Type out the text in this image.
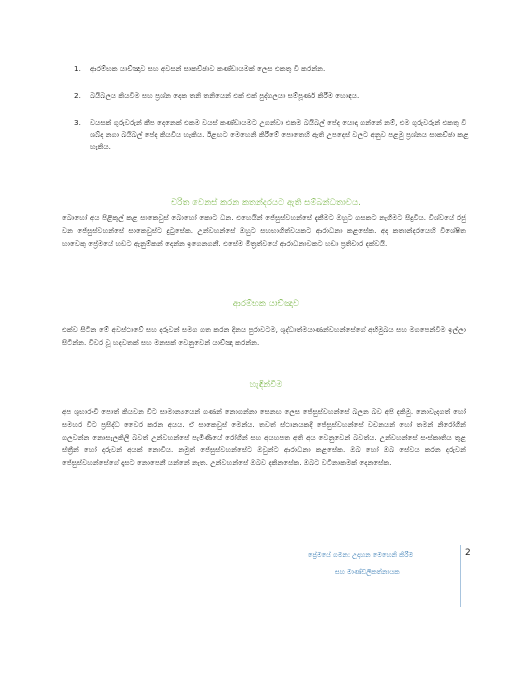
1.	ආරම්භක යාච්ඤාව සහ අවසන් සාකච්ඡාව කණ්ඩායමක් ලෙස එකතු වී කරන්න.
2.	බයිබලය කියවීම සහ ප්‍රශ්න දෙක තනි තනියෙන් එක් එක් පුද්ගලයා සම්පූර්ණ කිරීම හොඳය.
3.	වයසක් ගුරුවරුන් කීප දෙනෙක් එකම වයස් කණ්ඩායමට උගන්වා එකම බයිබල් පේද යොදා ගන්නේ නම්, එම ගුරුවරුන් එකතු වී ශබ්ද නගා බයිබල් පේද කියවිය හැකිය. ඊළඟට මෙහෙනි කිරීමේ පොතෙහි ඇති උපදෙස් වලට අනුව පළමු ප්‍රශ්නය සාකච්ඡා කළ හැකිය.
චරිත වෙනස් කරන කතන්දරයට ඇති සම්බන්ධතාවය.
බොහෝ අය පිළිකුල් කළ සාකෙවුස් බොහෝ කොට ධන. එහෙයින් ජේසුස්වහන්සේ දැකීමට ඔහුට ගසකට නැගීමට සිදුවිය. විශ්වයේ රජු වන ජේසුස්වහන්සේ සාකෙවුස්ට දුටුසේක. උන්වහන්සේ ඔහුට සහභාගිත්වයකට ආරාධනා කළසේක. අද කතාන්දරයෙහි විශේෂිත හාවෙකු ප්‍රේමයේ හඩට ඇනුම්කන් දෙන්න ඉගෙනගනී. එසේම මිත්‍රත්වයේ ආරාධනාවකට හඩා ප්‍රතිචාර දක්වයි.
ආරම්භක යාච්ඤාව
එක්ව සිටින මේ අවස්ථාවේ සහ දරුවන් සමග ගත කරන දිනය පුරාවටම, ශුද්ධාත්මයාණන්වහන්සේගේ අභිමුඛය සහ මගපෙන්වීම ඉල්ලා සිටින්න. විවර වූ හදවතක් සහ මනසක් වෙනුවෙන් යාච්ඤා කරන්න.
හැඳින්වීම
අප ශුභාරංචි පොත් කියවන විට සාමාන්‍යයෙන් ගණන් නොගන්නා සෙනඟ ලෙස ජේසුස්වහන්සේ බලන බව අපි දකිමු. නොවැදගත් හෝ සමහර විට ප්‍රසිද්ධ වෛර කරන අයය. ඒ සාකෙවුස් මෙන්ය. තවත් ස්ථානයකදී ජේසුස්වහන්සේ වචනයන් හෝ තමන් නිරෝගීන් ගලවන්න නොසැලකිලි බවත් උන්වහන්සේ පැමිණියේ රෝගීන් සහ අයහපත අති අය වෙනුවෙන් බවත්ය. උන්වහන්සේ සංස්කෘතිය තුළ ස්ත්‍රීන් හෝ දරුවන් අයක් නොවිය. නමුත් ජේසුස්වහන්සේට ඔවුන්ට ආරාධනා කළසේක. ඔබ හෝ ඔබ සේවය කරන දරුවන් ජේසුස්වහන්සේගේ දෑසට නොපෙනී යන්නේ නැත. උන්වහන්සේ ඔබව දකිනසේක. ඔබට වටිනාකමක් දෙනසේක.
ප්‍රේමයේ ගමන: උදාහන මෙහෙනි කිරීම
සහ මාණ්ඩලිකත්නායක
2
